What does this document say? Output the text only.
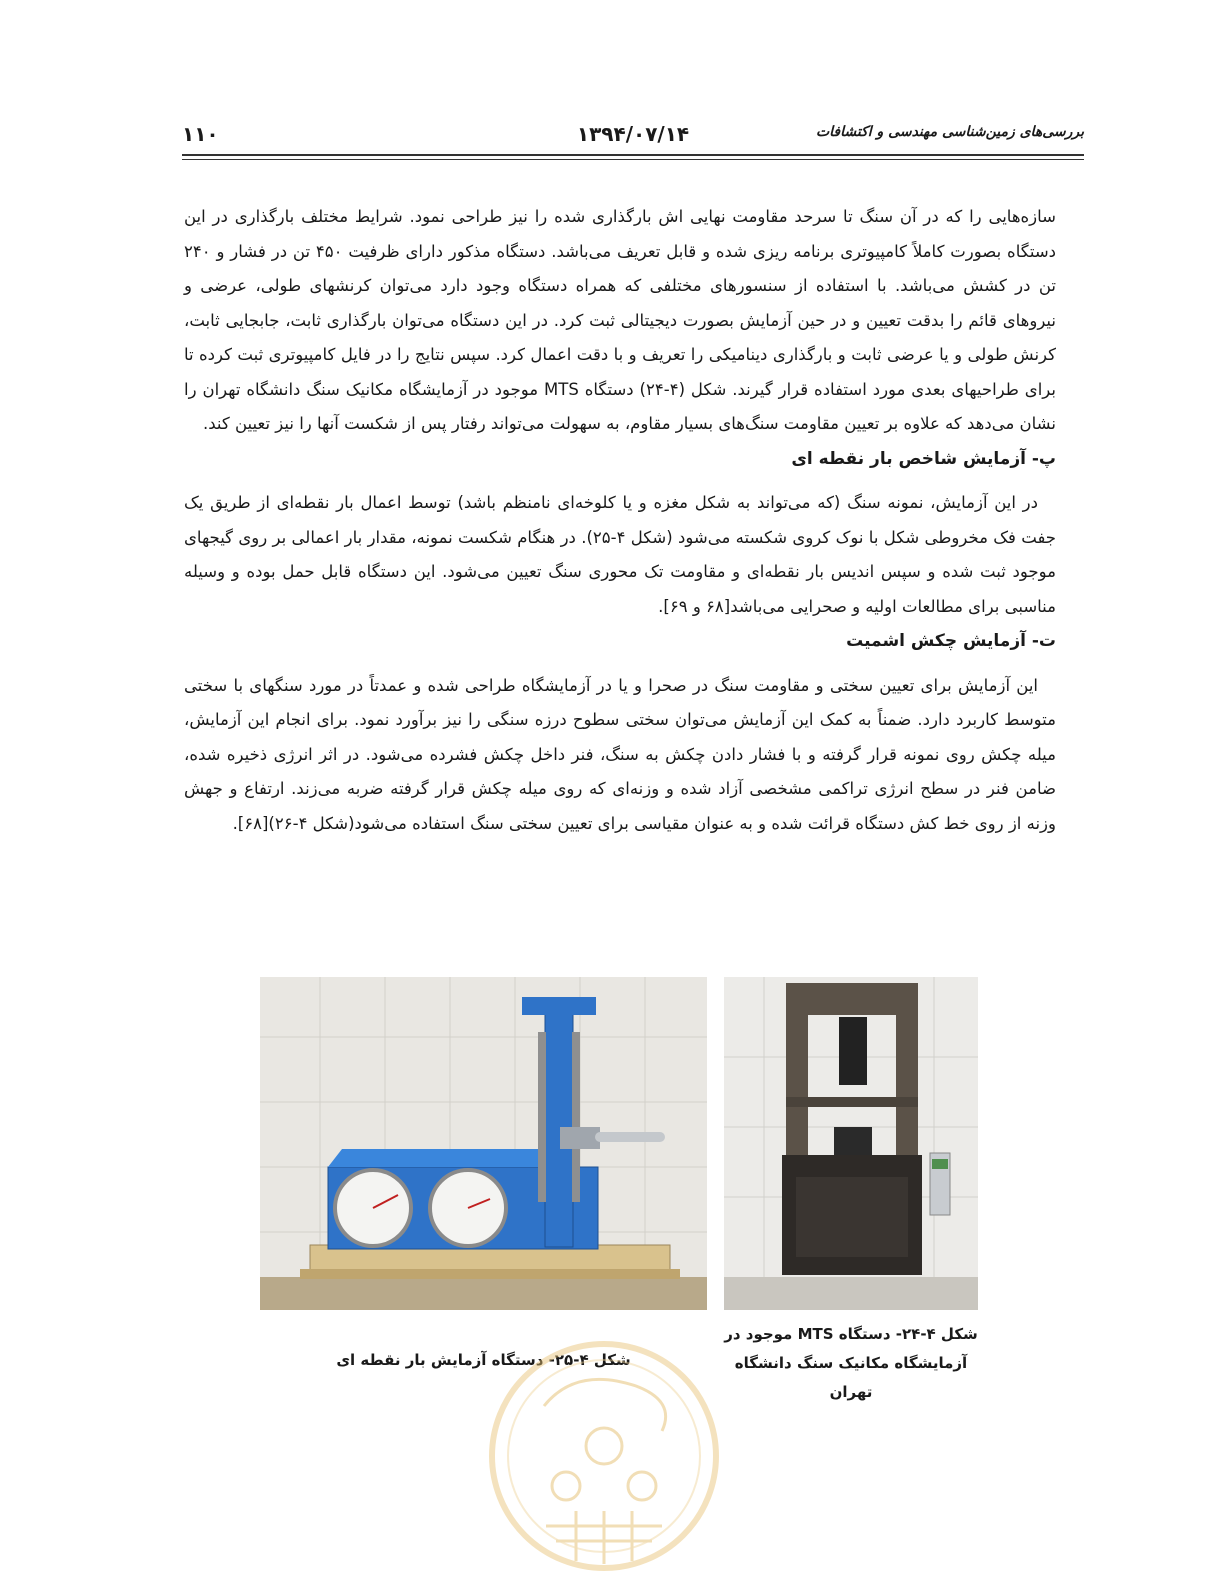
۱۱۰	۱۳۹۴/۰۷/۱۴	بررسی‌های زمین‌شناسی مهندسی و اکتشافات

سازه‌هایی را که در آن سنگ تا سرحد مقاومت نهایی اش بارگذاری شده را نیز طراحی نمود. شرایط مختلف بارگذاری در این دستگاه بصورت کاملاً کامپیوتری برنامه ریزی شده و قابل تعریف می‌باشد. دستگاه مذکور دارای ظرفیت ۴۵۰ تن در فشار و ۲۴۰ تن در کشش می‌باشد. با استفاده از سنسورهای مختلفی که همراه دستگاه وجود دارد می‌توان کرنشهای طولی، عرضی و نیروهای قائم را بدقت تعیین و در حین آزمایش بصورت دیجیتالی ثبت کرد. در این دستگاه می‌توان بارگذاری ثابت، جابجایی ثابت، کرنش طولی و یا عرضی ثابت و بارگذاری دینامیکی را تعریف و با دقت اعمال کرد. سپس نتایج را در فایل کامپیوتری ثبت کرده تا برای طراحیهای بعدی مورد استفاده قرار گیرند. شکل (۴-۲۴) دستگاه MTS موجود در آزمایشگاه مکانیک سنگ دانشگاه تهران را نشان می‌دهد که علاوه بر تعیین مقاومت سنگ‌های بسیار مقاوم، به سهولت می‌تواند رفتار پس از شکست آنها را نیز تعیین کند.

پ- آزمایش شاخص بار نقطه ای

در این آزمایش، نمونه سنگ (که می‌تواند به شکل مغزه و یا کلوخه‌ای نامنظم باشد) توسط اعمال بار نقطه‌ای از طریق یک جفت فک مخروطی شکل با نوک کروی شکسته می‌شود (شکل ۴-۲۵). در هنگام شکست نمونه، مقدار بار اعمالی بر روی گیجهای موجود ثبت شده و سپس اندیس بار نقطه‌ای و مقاومت تک محوری سنگ تعیین می‌شود. این دستگاه قابل حمل بوده و وسیله مناسبی برای مطالعات اولیه و صحرایی می‌باشد[۶۸ و ۶۹].

ت- آزمایش چکش اشمیت

این آزمایش برای تعیین سختی و مقاومت سنگ در صحرا و یا در آزمایشگاه طراحی شده و عمدتاً در مورد سنگهای با سختی متوسط کاربرد دارد. ضمناً به کمک این آزمایش می‌توان سختی سطوح درزه سنگی را نیز برآورد نمود. برای انجام این آزمایش، میله چکش روی نمونه قرار گرفته و با فشار دادن چکش به سنگ، فنر داخل چکش فشرده می‌شود. در اثر انرژی ذخیره شده، ضامن فنر در سطح انرژی تراکمی مشخصی آزاد شده و وزنه‌ای که روی میله چکش قرار گرفته ضربه می‌زند. ارتفاع و جهش وزنه از روی خط کش دستگاه قرائت شده و به عنوان مقیاسی برای تعیین سختی سنگ استفاده می‌شود(شکل ۴-۲۶)[۶۸].

شکل ۴-۲۴- دستگاه MTS موجود در آزمایشگاه مکانیک سنگ دانشگاه تهران
شکل ۴-۲۵- دستگاه آزمایش بار نقطه ای
